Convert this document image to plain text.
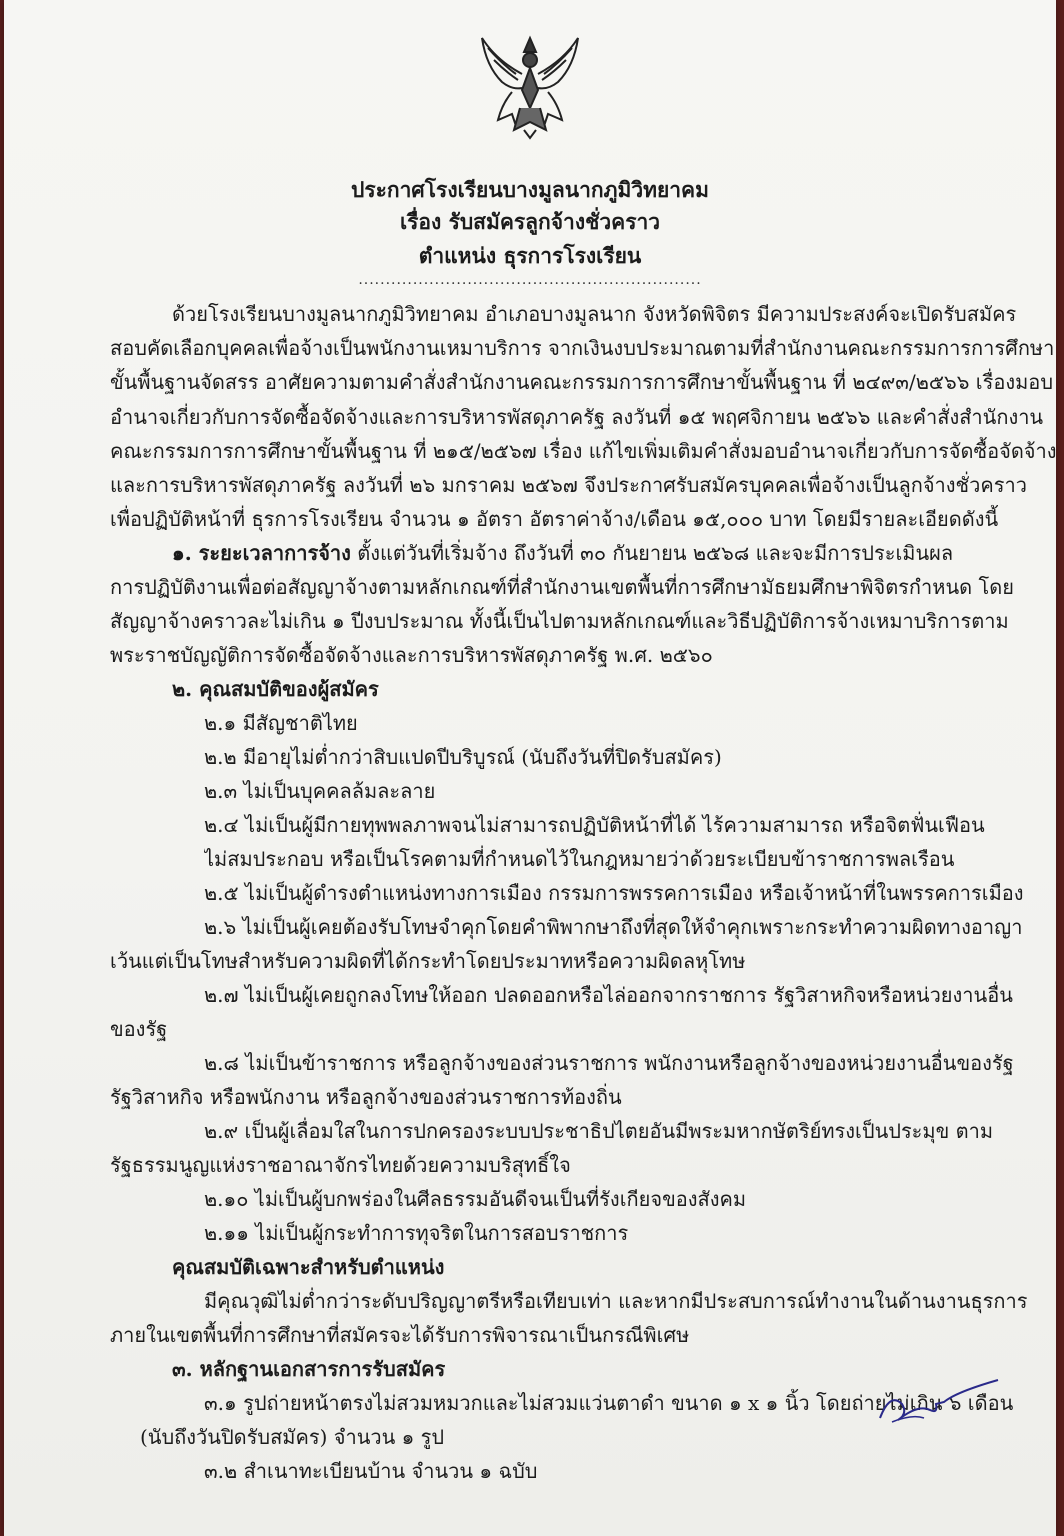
ประกาศโรงเรียนบางมูลนากภูมิวิทยาคม
เรื่อง รับสมัครลูกจ้างชั่วคราว
ตำแหน่ง ธุรการโรงเรียน
...............................................................
ด้วยโรงเรียนบางมูลนากภูมิวิทยาคม อำเภอบางมูลนาก จังหวัดพิจิตร มีความประสงค์จะเปิดรับสมัคร
สอบคัดเลือกบุคคลเพื่อจ้างเป็นพนักงานเหมาบริการ จากเงินงบประมาณตามที่สำนักงานคณะกรรมการการศึกษา
ขั้นพื้นฐานจัดสรร อาศัยความตามคำสั่งสำนักงานคณะกรรมการการศึกษาขั้นพื้นฐาน ที่ ๒๔๙๓/๒๕๖๖ เรื่องมอบ
อำนาจเกี่ยวกับการจัดซื้อจัดจ้างและการบริหารพัสดุภาครัฐ ลงวันที่ ๑๕ พฤศจิกายน ๒๕๖๖ และคำสั่งสำนักงาน
คณะกรรมการการศึกษาขั้นพื้นฐาน ที่ ๒๑๕/๒๕๖๗ เรื่อง แก้ไขเพิ่มเติมคำสั่งมอบอำนาจเกี่ยวกับการจัดซื้อจัดจ้าง
และการบริหารพัสดุภาครัฐ ลงวันที่ ๒๖ มกราคม ๒๕๖๗ จึงประกาศรับสมัครบุคคลเพื่อจ้างเป็นลูกจ้างชั่วคราว
เพื่อปฏิบัติหน้าที่ ธุรการโรงเรียน จำนวน ๑ อัตรา อัตราค่าจ้าง/เดือน ๑๕,๐๐๐ บาท โดยมีรายละเอียดดังนี้
๑. ระยะเวลาการจ้าง ตั้งแต่วันที่เริ่มจ้าง ถึงวันที่ ๓๐ กันยายน ๒๕๖๘ และจะมีการประเมินผล
การปฏิบัติงานเพื่อต่อสัญญาจ้างตามหลักเกณฑ์ที่สำนักงานเขตพื้นที่การศึกษามัธยมศึกษาพิจิตรกำหนด โดย
สัญญาจ้างคราวละไม่เกิน ๑ ปีงบประมาณ ทั้งนี้เป็นไปตามหลักเกณฑ์และวิธีปฏิบัติการจ้างเหมาบริการตาม
พระราชบัญญัติการจัดซื้อจัดจ้างและการบริหารพัสดุภาครัฐ พ.ศ. ๒๕๖๐
๒. คุณสมบัติของผู้สมัคร
๒.๑ มีสัญชาติไทย
๒.๒ มีอายุไม่ต่ำกว่าสิบแปดปีบริบูรณ์ (นับถึงวันที่ปิดรับสมัคร)
๒.๓ ไม่เป็นบุคคลล้มละลาย
๒.๔ ไม่เป็นผู้มีกายทุพพลภาพจนไม่สามารถปฏิบัติหน้าที่ได้ ไร้ความสามารถ หรือจิตฟั่นเฟือน
ไม่สมประกอบ หรือเป็นโรคตามที่กำหนดไว้ในกฎหมายว่าด้วยระเบียบข้าราชการพลเรือน
๒.๕ ไม่เป็นผู้ดำรงตำแหน่งทางการเมือง กรรมการพรรคการเมือง หรือเจ้าหน้าที่ในพรรคการเมือง
๒.๖ ไม่เป็นผู้เคยต้องรับโทษจำคุกโดยคำพิพากษาถึงที่สุดให้จำคุกเพราะกระทำความผิดทางอาญา
เว้นแต่เป็นโทษสำหรับความผิดที่ได้กระทำโดยประมาทหรือความผิดลหุโทษ
๒.๗ ไม่เป็นผู้เคยถูกลงโทษให้ออก ปลดออกหรือไล่ออกจากราชการ รัฐวิสาหกิจหรือหน่วยงานอื่น
ของรัฐ
๒.๘ ไม่เป็นข้าราชการ หรือลูกจ้างของส่วนราชการ พนักงานหรือลูกจ้างของหน่วยงานอื่นของรัฐ
รัฐวิสาหกิจ หรือพนักงาน หรือลูกจ้างของส่วนราชการท้องถิ่น
๒.๙ เป็นผู้เลื่อมใสในการปกครองระบบประชาธิปไตยอันมีพระมหากษัตริย์ทรงเป็นประมุข ตาม
รัฐธรรมนูญแห่งราชอาณาจักรไทยด้วยความบริสุทธิ์ใจ
๒.๑๐ ไม่เป็นผู้บกพร่องในศีลธรรมอันดีจนเป็นที่รังเกียจของสังคม
๒.๑๑ ไม่เป็นผู้กระทำการทุจริตในการสอบราชการ
คุณสมบัติเฉพาะสำหรับตำแหน่ง
มีคุณวุฒิไม่ต่ำกว่าระดับปริญญาตรีหรือเทียบเท่า และหากมีประสบการณ์ทำงานในด้านงานธุรการ
ภายในเขตพื้นที่การศึกษาที่สมัครจะได้รับการพิจารณาเป็นกรณีพิเศษ
๓. หลักฐานเอกสารการรับสมัคร
๓.๑ รูปถ่ายหน้าตรงไม่สวมหมวกและไม่สวมแว่นตาดำ ขนาด ๑ x ๑ นิ้ว โดยถ่ายไม่เกิน ๖ เดือน
(นับถึงวันปิดรับสมัคร) จำนวน ๑ รูป
๓.๒ สำเนาทะเบียนบ้าน จำนวน ๑ ฉบับ
